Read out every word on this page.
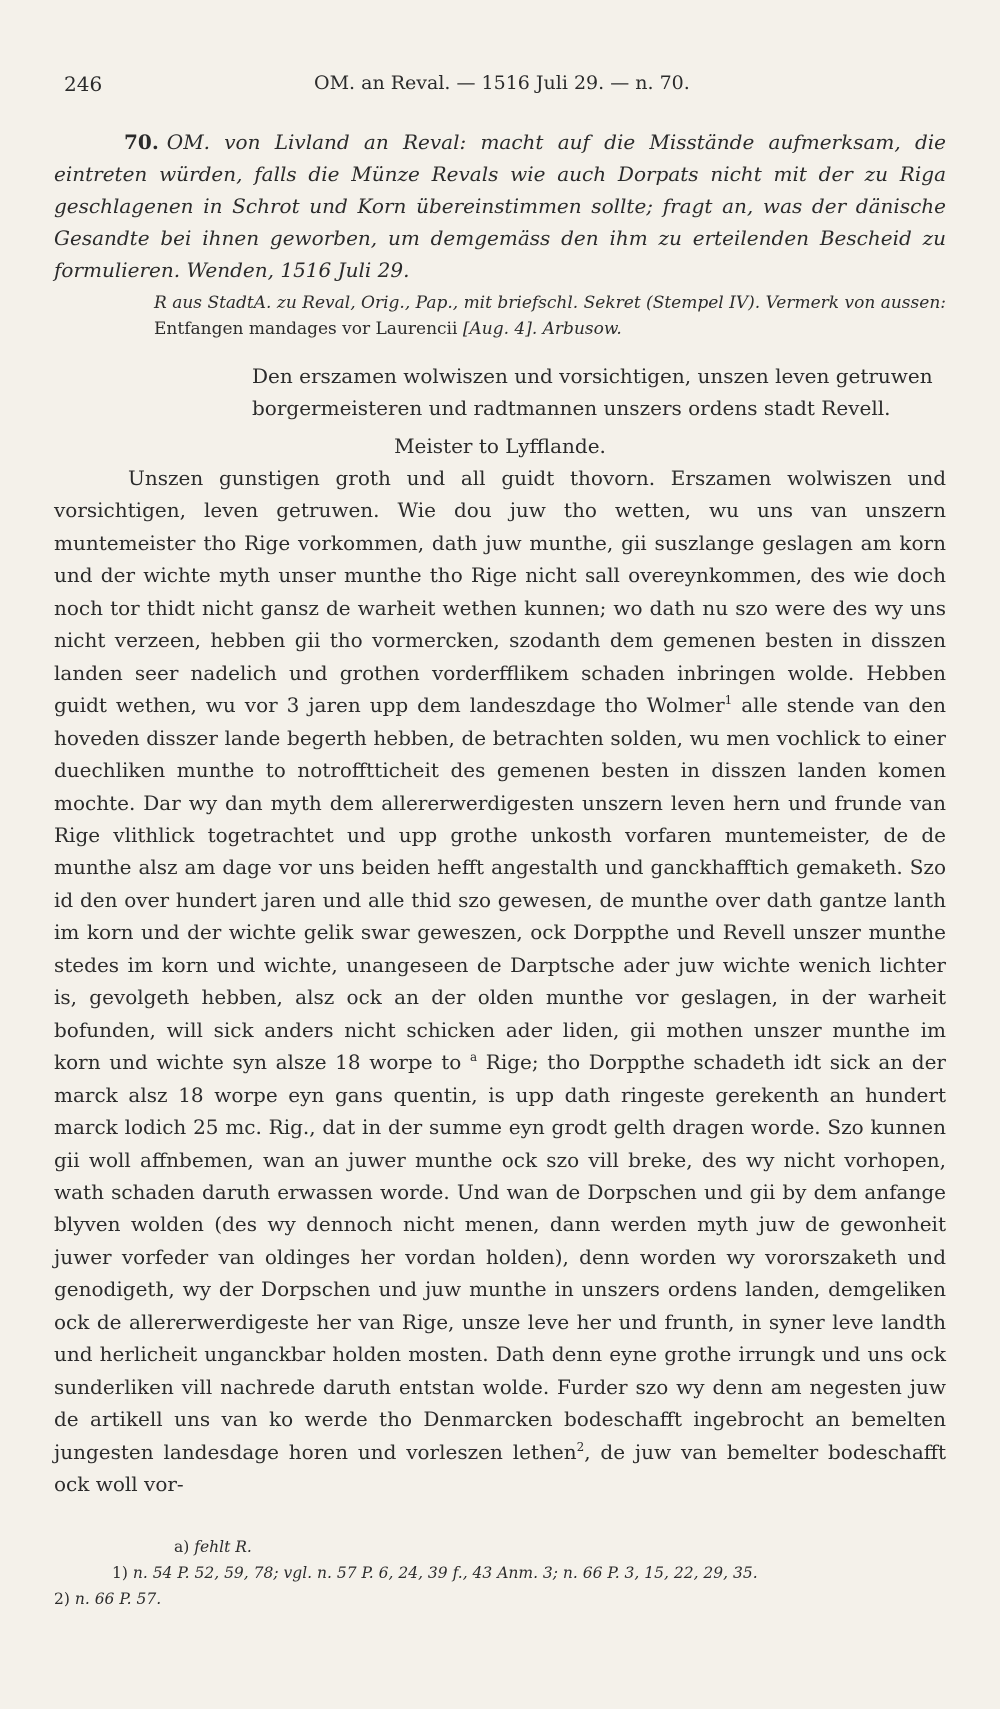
246	OM. an Reval. — 1516 Juli 29. — n. 70.

70. OM. von Livland an Reval: macht auf die Misstände aufmerksam, die eintreten würden, falls die Münze Revals wie auch Dorpats nicht mit der zu Riga geschlagenen in Schrot und Korn übereinstimmen sollte; fragt an, was der dänische Gesandte bei ihnen geworben, um demgemäss den ihm zu erteilenden Bescheid zu formulieren. Wenden, 1516 Juli 29.

R aus StadtA. zu Reval, Orig., Pap., mit briefschl. Sekret (Stempel IV). Vermerk von aussen: Entfangen mandages vor Laurencii [Aug. 4]. Arbusow.

Den erszamen wolwiszen und vorsichtigen, unszen leven getruwen borgermeisteren und radtmannen unszers ordens stadt Revell.

Meister to Lyfflande.

Unszen gunstigen groth und all guidt thovorn. Erszamen wolwiszen und vorsichtigen, leven getruwen. Wie dou juw tho wetten, wu uns van unszern muntemeister tho Rige vorkommen, dath juw munthe, gii suszlange geslagen am korn und der wichte myth unser munthe tho Rige nicht sall overeynkommen, des wie doch noch tor thidt nicht gansz de warheit wethen kunnen; wo dath nu szo were des wy uns nicht verzeen, hebben gii tho vormercken, szodanth dem gemenen besten in disszen landen seer nadelich und grothen vorderfflikem schaden inbringen wolde. Hebben guidt wethen, wu vor 3 jaren upp dem landeszdage tho Wolmer$^1$ alle stende van den hoveden disszer lande begerth hebben, de betrachten solden, wu men vochlick to einer duechliken munthe to notrofftticheit des gemenen besten in disszen landen komen mochte. Dar wy dan myth dem allererwerdigesten unszern leven hern und frunde van Rige vlithlick togetrachtet und upp grothe unkosth vorfaren muntemeister, de de munthe alsz am dage vor uns beiden hefft angestalth und ganckhafftich gemaketh. Szo id den over hundert jaren und alle thid szo gewesen, de munthe over dath gantze lanth im korn und der wichte gelik swar geweszen, ock Dorppthe und Revell unszer munthe stedes im korn und wichte, unangeseen de Darptsche ader juw wichte wenich lichter is, gevolgeth hebben, alsz ock an der olden munthe vor geslagen, in der warheit bofunden, will sick anders nicht schicken ader liden, gii mothen unszer munthe im korn und wichte syn alsze 18 worpe to $^a$ Rige; tho Dorppthe schadeth idt sick an der marck alsz 18 worpe eyn gans quentin, is upp dath ringeste gerekenth an hundert marck lodich 25 mc. Rig., dat in der summe eyn grodt gelth dragen worde. Szo kunnen gii woll affnbemen, wan an juwer munthe ock szo vill breke, des wy nicht vorhopen, wath schaden daruth erwassen worde. Und wan de Dorpschen und gii by dem anfange blyven wolden (des wy dennoch nicht menen, dann werden myth juw de gewonheit juwer vorfeder van oldinges her vordan holden), denn worden wy vororszaketh und genodigeth, wy der Dorpschen und juw munthe in unszers ordens landen, demgeliken ock de allererwerdigeste her van Rige, unsze leve her und frunth, in syner leve landth und herlicheit unganckbar holden mosten. Dath denn eyne grothe irrungk und uns ock sunderliken vill nachrede daruth entstan wolde. Furder szo wy denn am negesten juw de artikell uns van ko werde tho Denmarcken bodeschafft ingebrocht an bemelten jungesten landesdage horen und vorleszen lethen$^2$, de juw van bemelter bodeschafft ock woll vor-

a) fehlt R.

1) n. 54 P. 52, 59, 78; vgl. n. 57 P. 6, 24, 39 f., 43 Anm. 3; n. 66 P. 3, 15, 22, 29, 35.

2) n. 66 P. 57.
